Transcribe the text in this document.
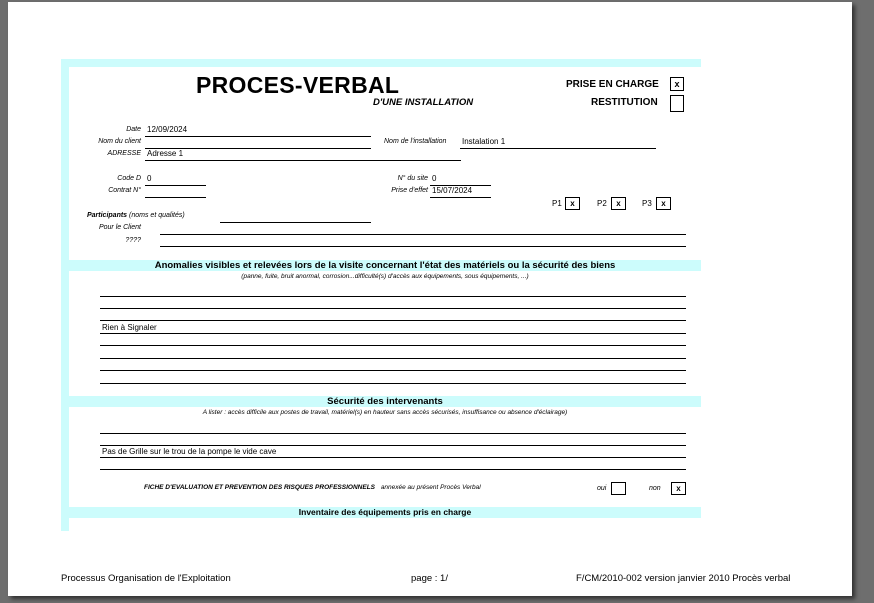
PROCES-VERBAL
D'UNE INSTALLATION
PRISE EN CHARGE	x
RESTITUTION
Date 12/09/2024
Nom du client	Nom de l'installation Instalation 1
ADRESSE Adresse 1
Code D 0	N° du site 0
Contrat N°	Prise d'effet 15/07/2024
P1	x	P2	x	P3	x
Participants (noms et qualités)
Pour le Client
????
Anomalies visibles et relevées lors de la visite concernant l'état des matériels ou la sécurité des biens
(panne, fuite, bruit anormal, corrosion...difficulté(s) d'accès aux équipements, sous équipements, ...)
Rien à Signaler
Sécurité des intervenants
A lister : accès difficile aux postes de travail, matériel(s) en hauteur sans accès sécurisés, insuffisance ou absence d'éclairage)
Pas de Grille sur le trou de la pompe le vide cave
FICHE D'EVALUATION ET PREVENTION DES RISQUES PROFESSIONNELS annexée au présent Procès Verbal	oui	non	x
Inventaire des équipements pris en charge
Processus Organisation de l'Exploitation	page : 1/	F/CM/2010-002 version janvier 2010 Procès verbal
